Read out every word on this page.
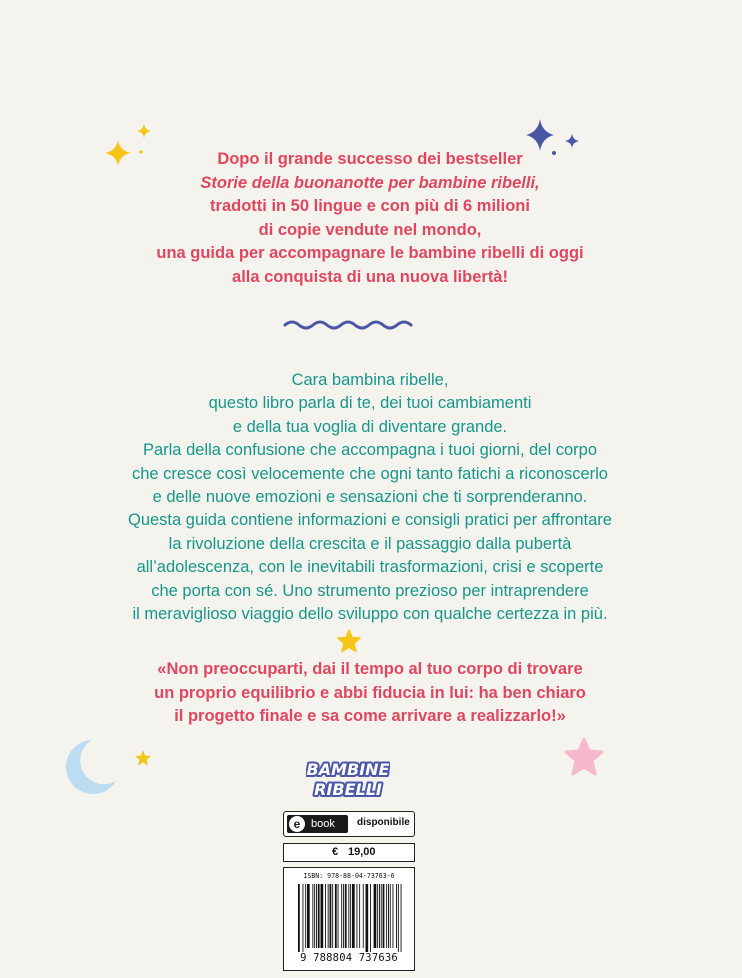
Dopo il grande successo dei bestseller
Storie della buonanotte per bambine ribelli,
tradotti in 50 lingue e con più di 6 milioni
di copie vendute nel mondo,
una guida per accompagnare le bambine ribelli di oggi
alla conquista di una nuova libertà!
Cara bambina ribelle,
questo libro parla di te, dei tuoi cambiamenti
e della tua voglia di diventare grande.
Parla della confusione che accompagna i tuoi giorni, del corpo
che cresce così velocemente che ogni tanto fatichi a riconoscerlo
e delle nuove emozioni e sensazioni che ti sorprenderanno.
Questa guida contiene informazioni e consigli pratici per affrontare
la rivoluzione della crescita e il passaggio dalla pubertà
all’adolescenza, con le inevitabili trasformazioni, crisi e scoperte
che porta con sé. Uno strumento prezioso per intraprendere
il meraviglioso viaggio dello sviluppo con qualche certezza in più.
«Non preoccuparti, dai il tempo al tuo corpo di trovare
un proprio equilibrio e abbi fiducia in lui: ha ben chiaro
il progetto finale e sa come arrivare a realizzarlo!»
BAMBINE
RIBELLI
e book disponibile
€ 19,00
ISBN: 978-88-04-73763-6
9 788804 737636
